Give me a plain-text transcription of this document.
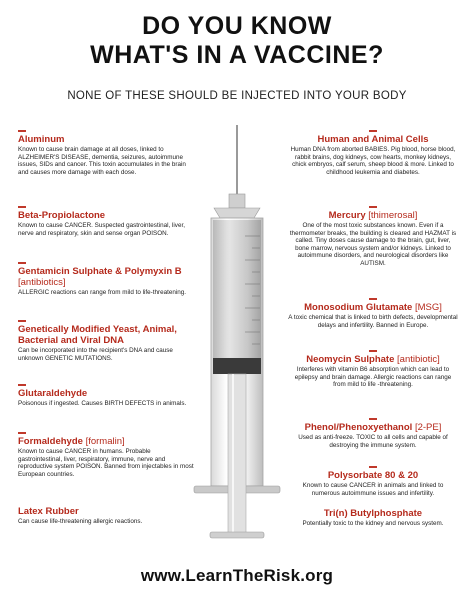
DO YOU KNOW
WHAT'S IN A VACCINE?
NONE OF THESE SHOULD BE INJECTED INTO YOUR BODY
Aluminum
Known to cause brain damage at all doses, linked to ALZHEIMER'S DISEASE, dementia, seizures, autoimmune issues, SIDs and cancer. This toxin accumulates in the brain and causes more damage with each dose.
Beta-Propiolactone
Known to cause CANCER. Suspected gastrointestinal, liver, nerve and respiratory, skin and sense organ POISON.
Gentamicin Sulphate & Polymyxin B [antibiotics]
ALLERGIC reactions can range from mild to life-threatening.
Genetically Modified Yeast, Animal, Bacterial and Viral DNA
Can be incorporated into the recipient's DNA and cause unknown GENETIC MUTATIONS.
Glutaraldehyde
Poisonous if ingested. Causes BIRTH DEFECTS in animals.
Formaldehyde [formalin]
Known to cause CANCER in humans. Probable gastrointestinal, liver, respiratory, immune, nerve and reproductive system POISON. Banned from injectables in most European countries.
Latex Rubber
Can cause life-threatening allergic reactions.
Human and Animal Cells
Human DNA from aborted BABIES. Pig blood, horse blood, rabbit brains, dog kidneys, cow hearts, monkey kidneys, chick embryos, calf serum, sheep blood & more. Linked to childhood leukemia and diabetes.
Mercury [thimerosal]
One of the most toxic substances known. Even if a thermometer breaks, the building is cleared and HAZMAT is called. Tiny doses cause damage to the brain, gut, liver, bone marrow, nervous system and/or kidneys. Linked to autoimmune disorders, and neurological disorders like AUTISM.
Monosodium Glutamate [MSG]
A toxic chemical that is linked to birth defects, developmental delays and infertility. Banned in Europe.
Neomycin Sulphate [antibiotic]
Interferes with vitamin B6 absorption which can lead to epilepsy and brain damage. Allergic reactions can range from mild to life -threatening.
Phenol/Phenoxyethanol [2-PE]
Used as anti-freeze. TOXIC to all cells and capable of destroying the immune system.
Polysorbate 80 & 20
Known to cause CANCER in animals and linked to numerous autoimmune issues and infertility.
Tri(n) Butylphosphate
Potentially toxic to the kidney and nervous system.
www.LearnTheRisk.org
